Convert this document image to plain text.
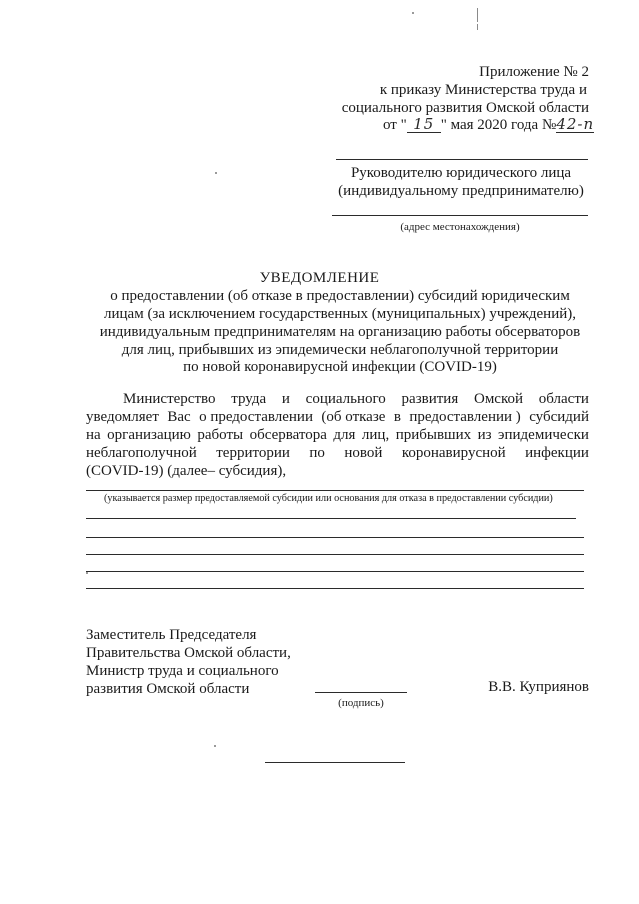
Приложение № 2
к приказу Министерства труда и
социального развития Омской области
от " 15 " мая 2020 года №42-п
Руководителю юридического лица
(индивидуальному предпринимателю)
(адрес местонахождения)
УВЕДОМЛЕНИЕ
о предоставлении (об отказе в предоставлении) субсидий юридическим
лицам (за исключением государственных (муниципальных) учреждений),
индивидуальным предпринимателям на организацию работы обсерваторов
для лиц, прибывших из эпидемически неблагополучной территории
по новой коронавирусной инфекции (COVID-19)
Министерство труда и социального развития Омской области
уведомляет Вас о предоставлении (об отказе в предоставлении ) субсидий
на организацию работы обсерватора для лиц, прибывших из эпидемически
неблагополучной территории по новой коронавирусной инфекции
(COVID-19) (далее– субсидия),
(указывается размер предоставляемой субсидии или основания для отказа в предоставлении субсидии)
Заместитель Председателя
Правительства Омской области,
Министр труда и социального
развития Омской области
(подпись)
В.В. Куприянов
